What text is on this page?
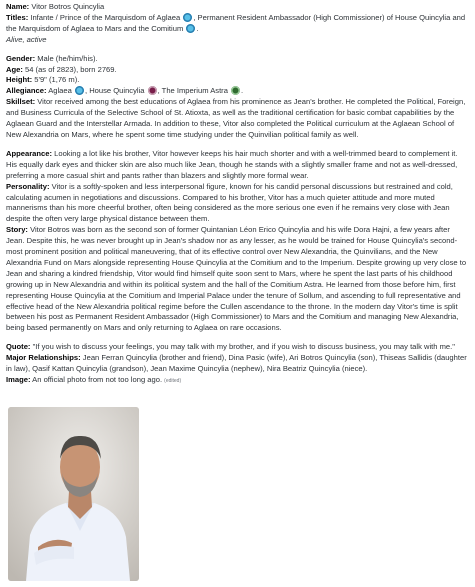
Name: Vitor Botros Quincylia

Titles: Infante / Prince of the Marquisdom of Aglaea , Permanent Resident Ambassador (High Commissioner) of House Quincylia and the Marquisdom of Aglaea to Mars and the Comitium .

Alive, active

Gender: Male (he/him/his).

Age: 54 (as of 2823), born 2769.

Height: 5'9" (1,76 m).

Allegiance: Aglaea , House Quincylia , The Imperium Astra .

Skillset: Vitor received among the best educations of Aglaea from his prominence as Jean's brother. He completed the Political, Foreign, and Business Curricula of the Selective School of St. Atioxta, as well as the traditional certification for basic combat capabilities by the Aglaean Guard and the Interstellar Armada. In addition to these, Vitor also completed the Political curriculum at the Aglaean School of New Alexandria on Mars, where he spent some time studying under the Quinvilian political family as well.

Appearance: Looking a lot like his brother, Vitor however keeps his hair much shorter and with a well-trimmed beard to complement it. His equally dark eyes and thicker skin are also much like Jean, though he stands with a slightly smaller frame and not as well-dressed, preferring a more casual shirt and pants rather than blazers and slightly more formal wear.

Personality: Vitor is a softly-spoken and less interpersonal figure, known for his candid personal discussions but restrained and cold, calculating acumen in negotiations and discussions. Compared to his brother, Vitor has a much quieter attitude and more muted mannerisms than his more cheerful brother, often being considered as the more serious one even if he remains very close with Jean despite the often very large physical distance between them.

Story: Vitor Botros was born as the second son of former Quintanian Léon Erico Quincylia and his wife Dora Hajni, a few years after Jean. Despite this, he was never brought up in Jean's shadow nor as any lesser, as he would be trained for House Quincylia's second-most prominent position and political maneuvering, that of its effective control over New Alexandria, the Quinvilians, and the New Alexandria Fund on Mars alongside representing House Quincylia at the Comitium and to the Imperium. Despite growing up very close to Jean and sharing a kindred friendship, Vitor would find himself quite soon sent to Mars, where he spent the last parts of his childhood growing up in New Alexandria and within its political system and the hall of the Comitium Astra. He learned from those before him, first representing House Quincylia at the Comitium and Imperial Palace under the tenure of Sollum, and ascending to full representative and effective head of the New Alexandria political regime before the Cullen ascendance to the throne. In the modern day Vitor's time is split between his post as Permanent Resident Ambassador (High Commissioner) to Mars and the Comitium and managing New Alexandria, being based permanently on Mars and only returning to Aglaea on rare occasions.

Quote: "If you wish to discuss your feelings, you may talk with my brother, and if you wish to discuss business, you may talk with me."

Major Relationships: Jean Ferran Quincylia (brother and friend), Dina Pasic (wife), Ari Botros Quincylia (son), Thiseas Sallidis (daughter in law), Qasif Kattan Quincylia (grandson), Jean Maxime Quincylia (nephew), Nira Beatriz Quincylia (niece).

Image: An official photo from not too long ago. (edited)
